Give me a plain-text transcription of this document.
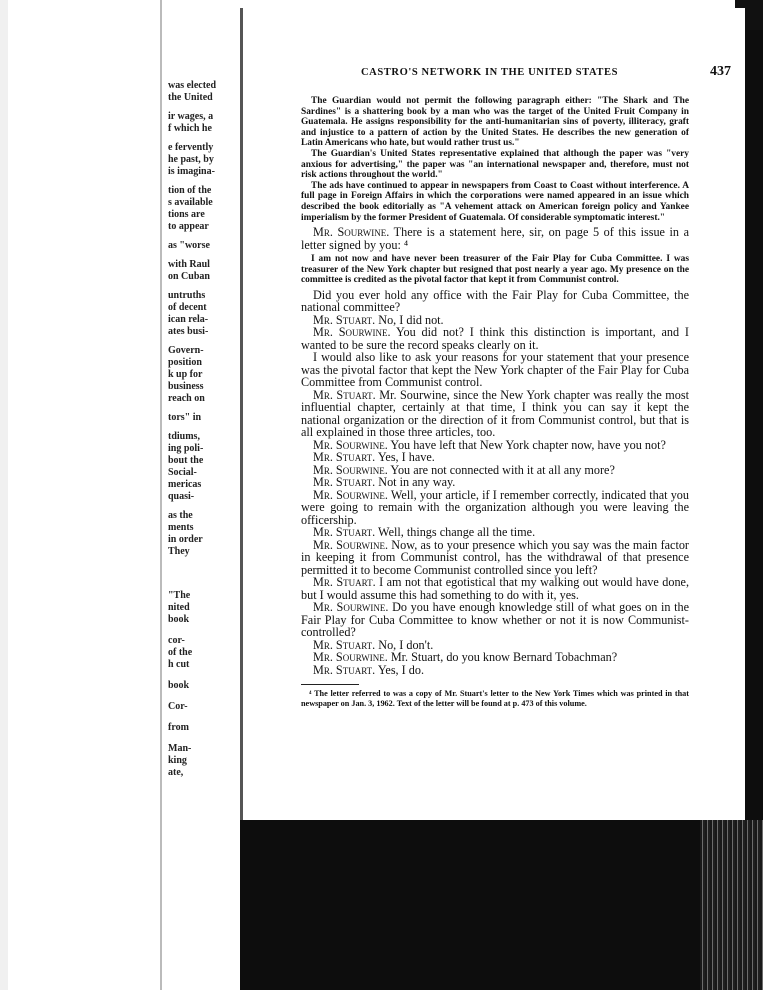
was elected
the United
ir wages, a
f which he
e fervently
he past, by
is imagina-
tion of the
s available
tions are
to appear
as "worse
with Raul
on Cuban
untruths
of decent
ican rela-
ates busi-
Govern-
position
k up for
business
reach on
tors" in
tdiums,
ing poli-
bout the
Social-
mericas
quasi-
as the
ments
in order
They
"The
nited
book
cor-
of the
h cut
book
Cor-
from
Man-
king
ate,
CASTRO'S NETWORK IN THE UNITED STATES	437

The Guardian would not permit the following paragraph either: "The Shark and The Sardines" is a shattering book by a man who was the target of the United Fruit Company in Guatemala. He assigns responsibility for the anti-humanitarian sins of poverty, illiteracy, graft and injustice to a pattern of action by the United States. He describes the new generation of Latin Americans who hate, but would rather trust us."

The Guardian's United States representative explained that although the paper was "very anxious for advertising," the paper was "an international newspaper and, therefore, must not risk actions throughout the world."

The ads have continued to appear in newspapers from Coast to Coast without interference. A full page in Foreign Affairs in which the corporations were named appeared in an issue which described the book editorially as "A vehement attack on American foreign policy and Yankee imperialism by the former President of Guatemala. Of considerable symptomatic interest."

Mr. Sourwine. There is a statement here, sir, on page 5 of this issue in a letter signed by you: ⁴

I am not now and have never been treasurer of the Fair Play for Cuba Committee. I was treasurer of the New York chapter but resigned that post nearly a year ago. My presence on the committee is credited as the pivotal factor that kept it from Communist control.

Did you ever hold any office with the Fair Play for Cuba Committee, the national committee?

Mr. Stuart. No, I did not.

Mr. Sourwine. You did not? I think this distinction is important, and I wanted to be sure the record speaks clearly on it.

I would also like to ask your reasons for your statement that your presence was the pivotal factor that kept the New York chapter of the Fair Play for Cuba Committee from Communist control.

Mr. Stuart. Mr. Sourwine, since the New York chapter was really the most influential chapter, certainly at that time, I think you can say it kept the national organization or the direction of it from Communist control, but that is all explained in those three articles, too.

Mr. Sourwine. You have left that New York chapter now, have you not?

Mr. Stuart. Yes, I have.

Mr. Sourwine. You are not connected with it at all any more?

Mr. Stuart. Not in any way.

Mr. Sourwine. Well, your article, if I remember correctly, indicated that you were going to remain with the organization although you were leaving the officership.

Mr. Stuart. Well, things change all the time.

Mr. Sourwine. Now, as to your presence which you say was the main factor in keeping it from Communist control, has the withdrawal of that presence permitted it to become Communist controlled since you left?

Mr. Stuart. I am not that egotistical that my walking out would have done, but I would assume this had something to do with it, yes.

Mr. Sourwine. Do you have enough knowledge still of what goes on in the Fair Play for Cuba Committee to know whether or not it is now Communist-controlled?

Mr. Stuart. No, I don't.

Mr. Sourwine. Mr. Stuart, do you know Bernard Tobachman?

Mr. Stuart. Yes, I do.

⁴ The letter referred to was a copy of Mr. Stuart's letter to the New York Times which was printed in that newspaper on Jan. 3, 1962. Text of the letter will be found at p. 473 of this volume.
